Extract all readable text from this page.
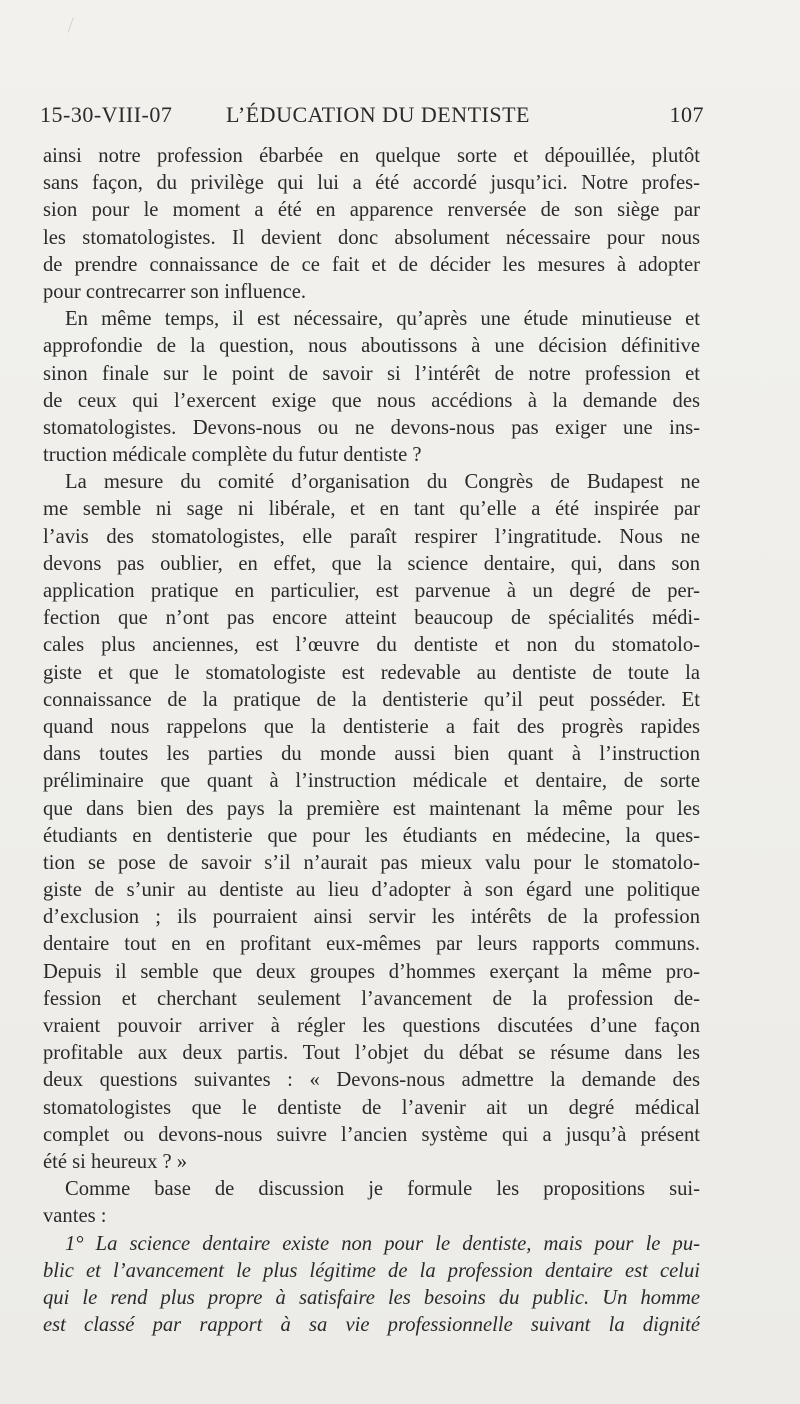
15-30-VIII-07 L’ÉDUCATION DU DENTISTE	107
ainsi notre profession ébarbée en quelque sorte et dépouillée, plutôt
sans façon, du privilège qui lui a été accordé jusqu’ici. Notre profes-
sion pour le moment a été en apparence renversée de son siège par
les stomatologistes. Il devient donc absolument nécessaire pour nous
de prendre connaissance de ce fait et de décider les mesures à adopter
pour contrecarrer son influence.
En même temps, il est nécessaire, qu’après une étude minutieuse et
approfondie de la question, nous aboutissons à une décision définitive
sinon finale sur le point de savoir si l’intérêt de notre profession et
de ceux qui l’exercent exige que nous accédions à la demande des
stomatologistes. Devons-nous ou ne devons-nous pas exiger une ins-
truction médicale complète du futur dentiste ?
La mesure du comité d’organisation du Congrès de Budapest ne
me semble ni sage ni libérale, et en tant qu’elle a été inspirée par
l’avis des stomatologistes, elle paraît respirer l’ingratitude. Nous ne
devons pas oublier, en effet, que la science dentaire, qui, dans son
application pratique en particulier, est parvenue à un degré de per-
fection que n’ont pas encore atteint beaucoup de spécialités médi-
cales plus anciennes, est l’œuvre du dentiste et non du stomatolo-
giste et que le stomatologiste est redevable au dentiste de toute la
connaissance de la pratique de la dentisterie qu’il peut posséder. Et
quand nous rappelons que la dentisterie a fait des progrès rapides
dans toutes les parties du monde aussi bien quant à l’instruction
préliminaire que quant à l’instruction médicale et dentaire, de sorte
que dans bien des pays la première est maintenant la même pour les
étudiants en dentisterie que pour les étudiants en médecine, la ques-
tion se pose de savoir s’il n’aurait pas mieux valu pour le stomatolo-
giste de s’unir au dentiste au lieu d’adopter à son égard une politique
d’exclusion ; ils pourraient ainsi servir les intérêts de la profession
dentaire tout en en profitant eux-mêmes par leurs rapports communs.
Depuis il semble que deux groupes d’hommes exerçant la même pro-
fession et cherchant seulement l’avancement de la profession de-
vraient pouvoir arriver à régler les questions discutées d’une façon
profitable aux deux partis. Tout l’objet du débat se résume dans les
deux questions suivantes : « Devons-nous admettre la demande des
stomatologistes que le dentiste de l’avenir ait un degré médical
complet ou devons-nous suivre l’ancien système qui a jusqu’à présent
été si heureux ? »
Comme base de discussion je formule les propositions sui-
vantes :
1° La science dentaire existe non pour le dentiste, mais pour le pu-
blic et l’avancement le plus légitime de la profession dentaire est celui
qui le rend plus propre à satisfaire les besoins du public. Un homme
est classé par rapport à sa vie professionnelle suivant la dignité
